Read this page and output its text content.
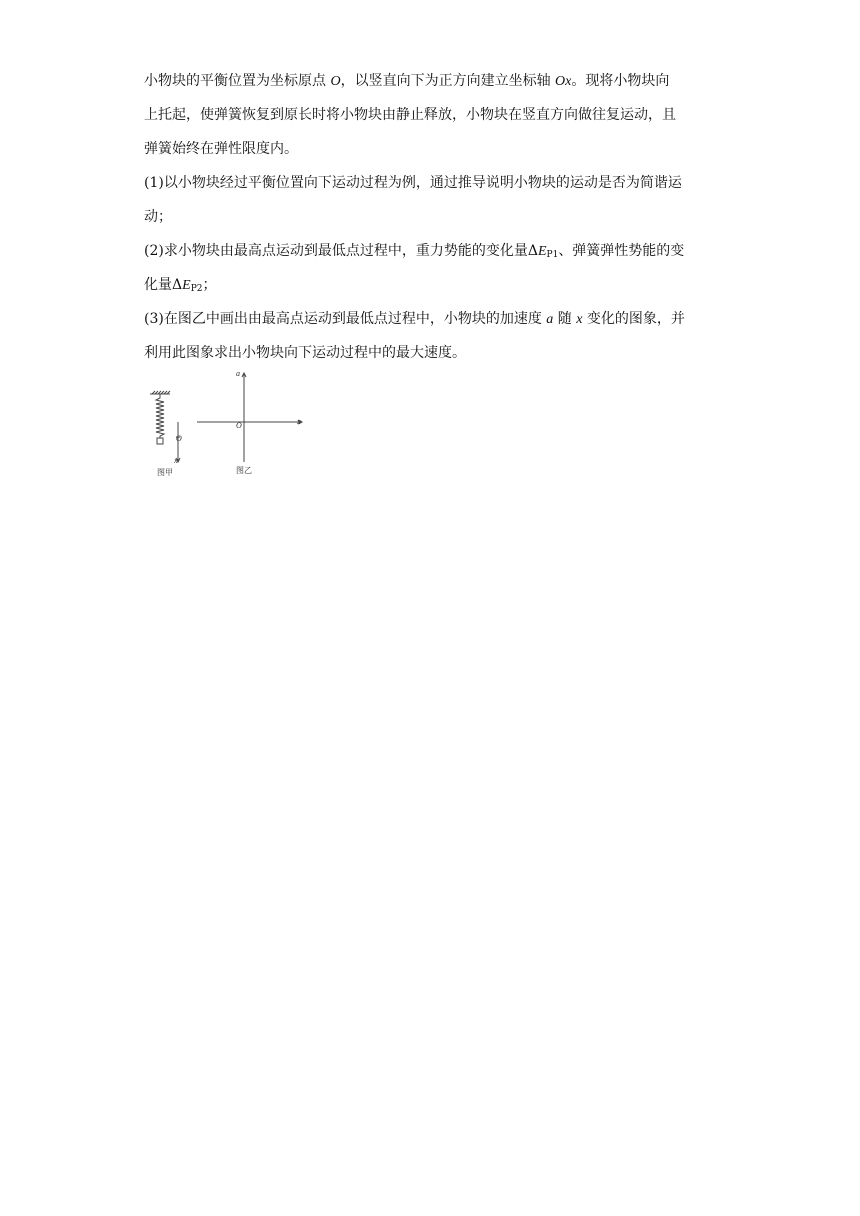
小物块的平衡位置为坐标原点 O，以竖直向下为正方向建立坐标轴 Ox。现将小物块向
上托起，使弹簧恢复到原长时将小物块由静止释放，小物块在竖直方向做往复运动，且
弹簧始终在弹性限度内。
(1)以小物块经过平衡位置向下运动过程为例，通过推导说明小物块的运动是否为简谐运
动；
(2)求小物块由最高点运动到最低点过程中，重力势能的变化量$\Delta E_{P1}$、弹簧弹性势能的变
化量$\Delta E_{P2}$；
(3)在图乙中画出由最高点运动到最低点过程中，小物块的加速度 a 随 x 变化的图象，并
利用此图象求出小物块向下运动过程中的最大速度。
O
x
图甲
a
O	x
图乙
